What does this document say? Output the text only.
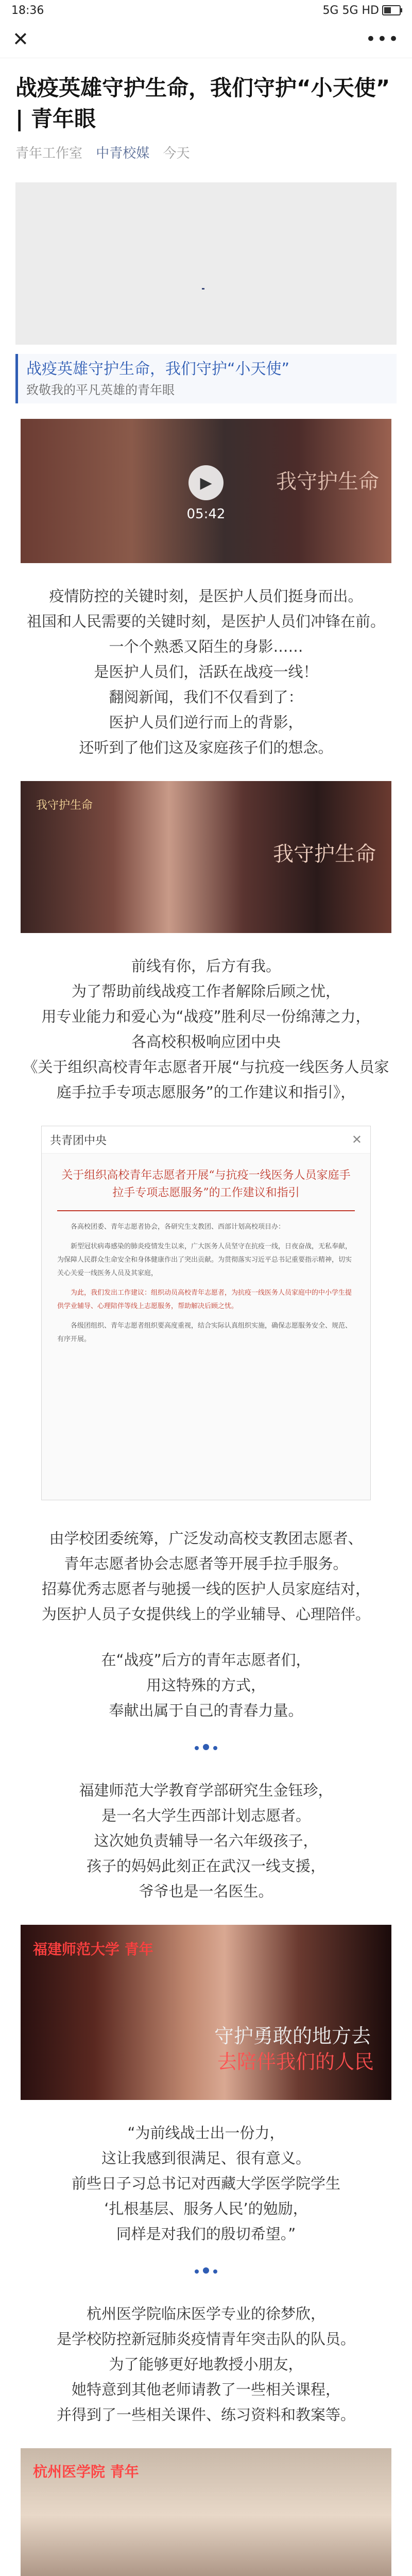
18:36	5G 5G HD
✕	•••
战疫英雄守护生命，我们守护“小天使” | 青年眼
青年工作室 中青校媒 今天
战疫英雄守护生命，我们守护“小天使”
致敬我的平凡英雄的青年眼
我守护生命
▶
05:42

疫情防控的关键时刻，是医护人员们挺身而出。

祖国和人民需要的关键时刻，是医护人员们冲锋在前。

一个个熟悉又陌生的身影……

是医护人员们，活跃在战疫一线！

翻阅新闻，我们不仅看到了：

医护人员们逆行而上的背影，

还听到了他们这及家庭孩子们的想念。

我守护生命
我守护生命

前线有你，后方有我。

为了帮助前线战疫工作者解除后顾之忧，

用专业能力和爱心为“战疫”胜利尽一份绵薄之力，

各高校积极响应团中央

《关于组织高校青年志愿者开展“与抗疫一线医务人员家庭手拉手专项志愿服务”的工作建议和指引》，

共青团中央	✕
关于组织高校青年志愿者开展“与抗疫一线医务人员家庭手拉手专项志愿服务”的工作建议和指引

各高校团委、青年志愿者协会，各研究生支教团、西部计划高校项目办：

新型冠状病毒感染的肺炎疫情发生以来，广大医务人员坚守在抗疫一线，日夜奋战，无私奉献，为保障人民群众生命安全和身体健康作出了突出贡献。为贯彻落实习近平总书记重要指示精神，切实关心关爱一线医务人员及其家庭，

为此，我们发出工作建议：组织动员高校青年志愿者，为抗疫一线医务人员家庭中的中小学生提供学业辅导、心理陪伴等线上志愿服务，帮助解决后顾之忧。

各级团组织、青年志愿者组织要高度重视，结合实际认真组织实施，确保志愿服务安全、规范、有序开展。

由学校团委统筹，广泛发动高校支教团志愿者、

青年志愿者协会志愿者等开展手拉手服务。

招募优秀志愿者与驰援一线的医护人员家庭结对，

为医护人员子女提供线上的学业辅导、心理陪伴。

在“战疫”后方的青年志愿者们，

用这特殊的方式，

奉献出属于自己的青春力量。

福建师范大学教育学部研究生金钰珍，

是一名大学生西部计划志愿者。

这次她负责辅导一名六年级孩子，

孩子的妈妈此刻正在武汉一线支援，

爷爷也是一名医生。

福建师范大学 青年
守护勇敢的地方去
去陪伴我们的人民

“为前线战士出一份力，

这让我感到很满足、很有意义。

前些日子习总书记对西藏大学医学院学生

‘扎根基层、服务人民’的勉励，

同样是对我们的殷切希望。”

杭州医学院临床医学专业的徐梦欣，

是学校防控新冠肺炎疫情青年突击队的队员。

为了能够更好地教授小朋友，

她特意到其他老师请教了一些相关课程，

并得到了一些相关课件、练习资料和教案等。

杭州医学院 青年
